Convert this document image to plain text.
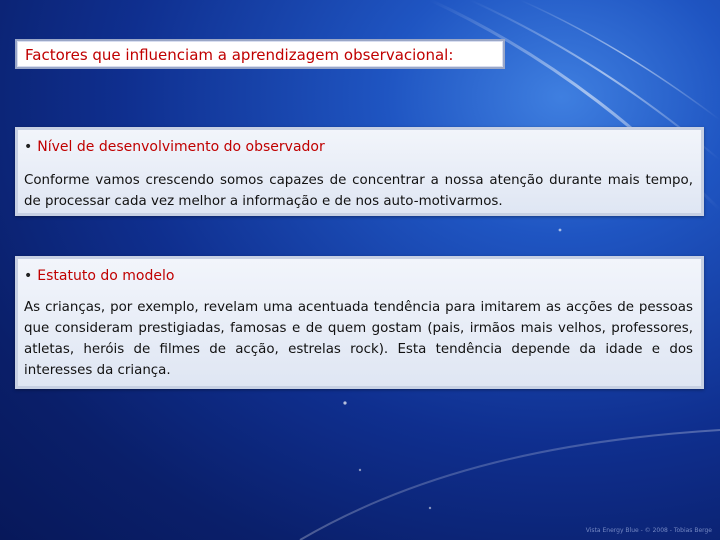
Factores que influenciam a aprendizagem observacional:
• Nível de desenvolvimento do observador
Conforme vamos crescendo somos capazes de concentrar a nossa atenção durante mais tempo, de processar cada vez melhor a informação e de nos auto-motivarmos.
• Estatuto do modelo
As crianças, por exemplo, revelam uma acentuada tendência para imitarem as acções de pessoas que consideram prestigiadas, famosas e de quem gostam (pais, irmãos mais velhos, professores, atletas, heróis de filmes de acção, estrelas rock). Esta tendência depende da idade e dos interesses da criança.
Vista Energy Blue - © 2008 - Tobias Berge
